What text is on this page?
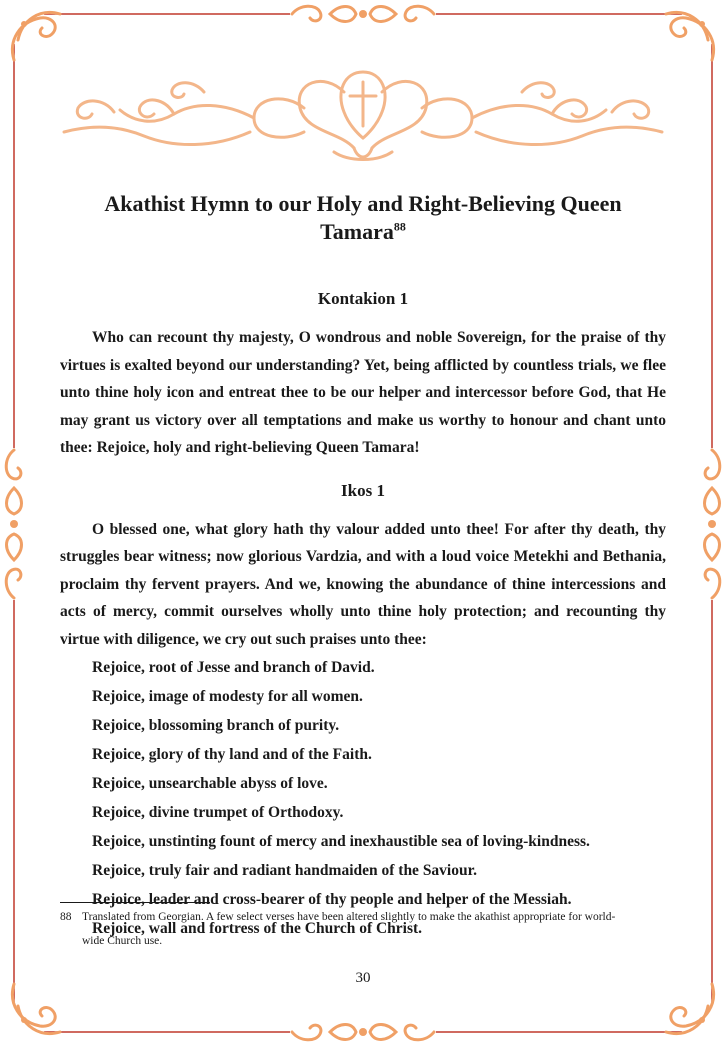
Akathist Hymn to our Holy and Right-Believing Queen Tamara$^{88}$
Kontakion 1

Who can recount thy majesty, O wondrous and noble Sovereign, for the praise of thy virtues is exalted beyond our understanding? Yet, being afflicted by countless trials, we flee unto thine holy icon and entreat thee to be our helper and intercessor before God, that He may grant us victory over all temptations and make us worthy to honour and chant unto thee: Rejoice, holy and right-believing Queen Tamara!

Ikos 1

O blessed one, what glory hath thy valour added unto thee! For after thy death, thy struggles bear witness; now glorious Vardzia, and with a loud voice Metekhi and Bethania, proclaim thy fervent prayers. And we, knowing the abundance of thine intercessions and acts of mercy, commit ourselves wholly unto thine holy protection; and recounting thy virtue with diligence, we cry out such praises unto thee:

Rejoice, root of Jesse and branch of David.
Rejoice, image of modesty for all women.
Rejoice, blossoming branch of purity.
Rejoice, glory of thy land and of the Faith.
Rejoice, unsearchable abyss of love.
Rejoice, divine trumpet of Orthodoxy.
Rejoice, unstinting fount of mercy and inexhaustible sea of loving-kindness.
Rejoice, truly fair and radiant handmaiden of the Saviour.
Rejoice, leader and cross-bearer of thy people and helper of the Messiah.
Rejoice, wall and fortress of the Church of Christ.
88 Translated from Georgian. A few select verses have been altered slightly to make the akathist appropriate for world-
wide Church use.
30
